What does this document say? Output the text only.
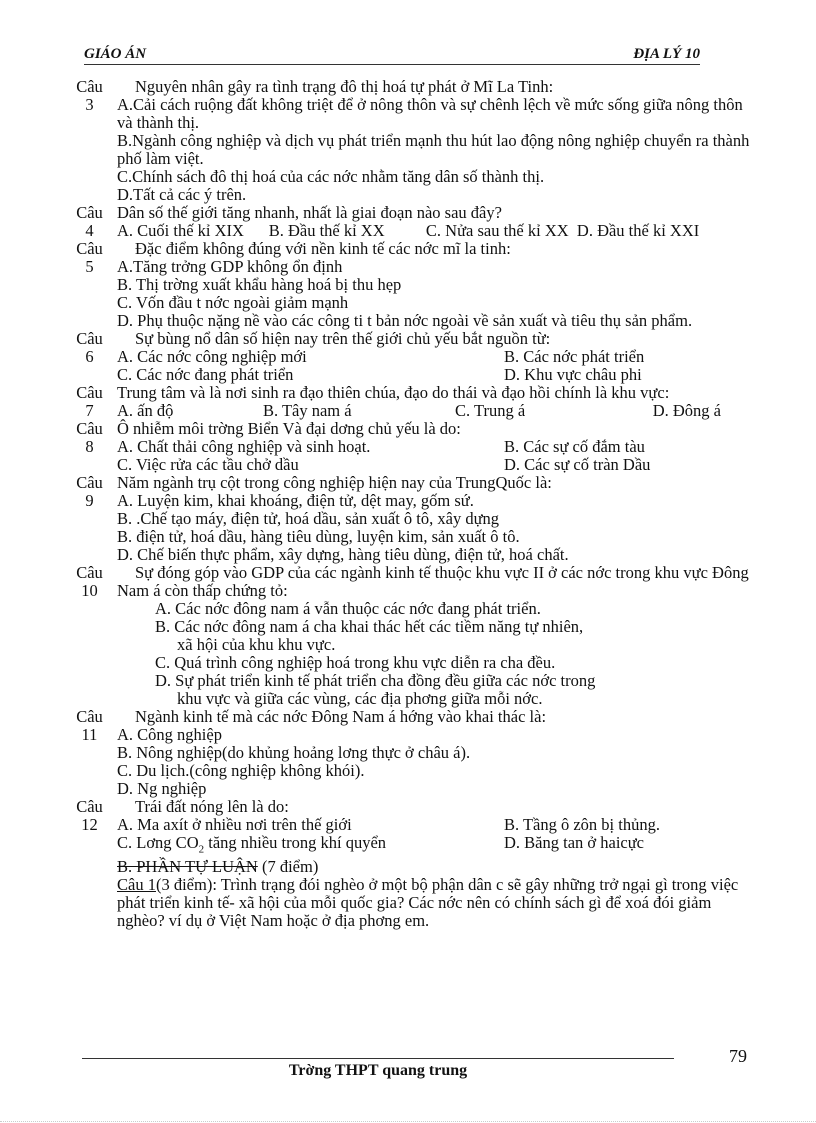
GIÁO ÁN	ĐỊA LÝ 10
Câu
3
Nguyên nhân gây ra tình trạng đô thị hoá tự phát ở Mĩ La Tinh:
A.Cải cách ruộng đất không triệt để ở nông thôn và sự chênh lệch về mức sống giữa nông thôn và thành thị.
B.Ngành công nghiệp và dịch vụ phát triển mạnh thu hút lao động nông nghiệp chuyển ra thành phố làm việt.
C.Chính sách đô thị hoá của các nớc nhằm tăng dân số thành thị.
D.Tất cả các ý trên.
Câu
4
Dân số thế giới tăng nhanh, nhất là giai đoạn nào sau đây?
A. Cuối thế kỉ XIX      B. Đầu thế kỉ XX          C. Nửa sau thế kỉ XX  D. Đầu thế kỉ XXI
Câu
5
Đặc điểm không đúng với nền kinh tế các nớc mĩ la tinh:
A.Tăng trởng GDP không ổn định
B. Thị trờng xuất khẩu hàng hoá bị thu hẹp
C. Vốn đầu t nớc ngoài giảm mạnh
D. Phụ thuộc nặng nề vào các công ti t bản nớc ngoài về sản xuất và tiêu thụ sản phẩm.
Câu
6
Sự bùng nổ dân số hiện nay trên thế giới chủ yếu bắt nguồn từ:
A. Các nớc công nghiệp mới	B. Các nớc phát triển
C. Các nớc đang phát triển	D. Khu vực châu phi
Câu
7
Trung tâm và là nơi sinh ra đạo thiên chúa, đạo do thái và đạo hồi chính là khu vực:
A. ấn độ	B. Tây nam á	C. Trung á	D. Đông á
Câu
8
Ô nhiễm môi trờng Biển Và đại dơng chủ yếu là do:
A. Chất thải công nghiệp và sinh hoạt.	B. Các sự cố đắm tàu
C. Việc rửa các tầu chở dầu	D. Các sự cố tràn Dầu
Câu
9
Năm ngành trụ cột trong công nghiệp hiện nay của TrungQuốc là:
A. Luyện kim, khai khoáng, điện tử, dệt may, gốm sứ.
B. .Chế tạo máy, điện tử, hoá dầu, sản xuất ô tô, xây dựng
B. điện tử, hoá dầu, hàng tiêu dùng, luyện kim, sản xuất ô tô.
D. Chế biến thực phẩm, xây dựng, hàng tiêu dùng, điện tử, hoá chất.
Câu
10
Sự đóng góp vào GDP của các ngành kinh tế thuộc khu vực II ở các nớc trong khu vực Đông Nam á còn thấp chứng tỏ:
A. Các nớc đông nam á vẫn thuộc các nớc đang phát triển.
B. Các nớc đông nam á cha khai thác hết các tiềm năng tự nhiên,
xã hội của khu khu vực.
C. Quá trình công nghiệp hoá trong khu vực diễn ra cha đều.
D. Sự phát triển kinh tế phát triển cha đồng đều giữa các nớc trong
khu vực và giữa các vùng, các địa phơng giữa mỗi nớc.
Câu
11
Ngành kinh tế mà các nớc Đông Nam á hớng vào khai thác là:
A. Công nghiệp
B. Nông nghiệp(do khủng hoảng lơng thực ở châu á).
C. Du lịch.(công nghiệp không khói).
D. Ng nghiệp
Câu
12
Trái đất nóng lên là do:
A. Ma axít ở nhiều nơi trên thế giới	B. Tầng ô zôn bị thủng.
C. Lơng $CO_2$ tăng nhiều trong khí quyển	D. Băng tan ở haicực
B. PHẦN TỰ LUẬN (7 điểm)
Câu 1(3 điểm): Trình trạng đói nghèo ở một bộ phận dân c sẽ gây những trở ngại gì trong việc phát triển kinh tế- xã hội của mỗi quốc gia? Các nớc nên có chính sách gì để xoá đói giảm nghèo? ví dụ ở Việt Nam hoặc ở địa phơng em.
79
Trờng THPT quang trung
